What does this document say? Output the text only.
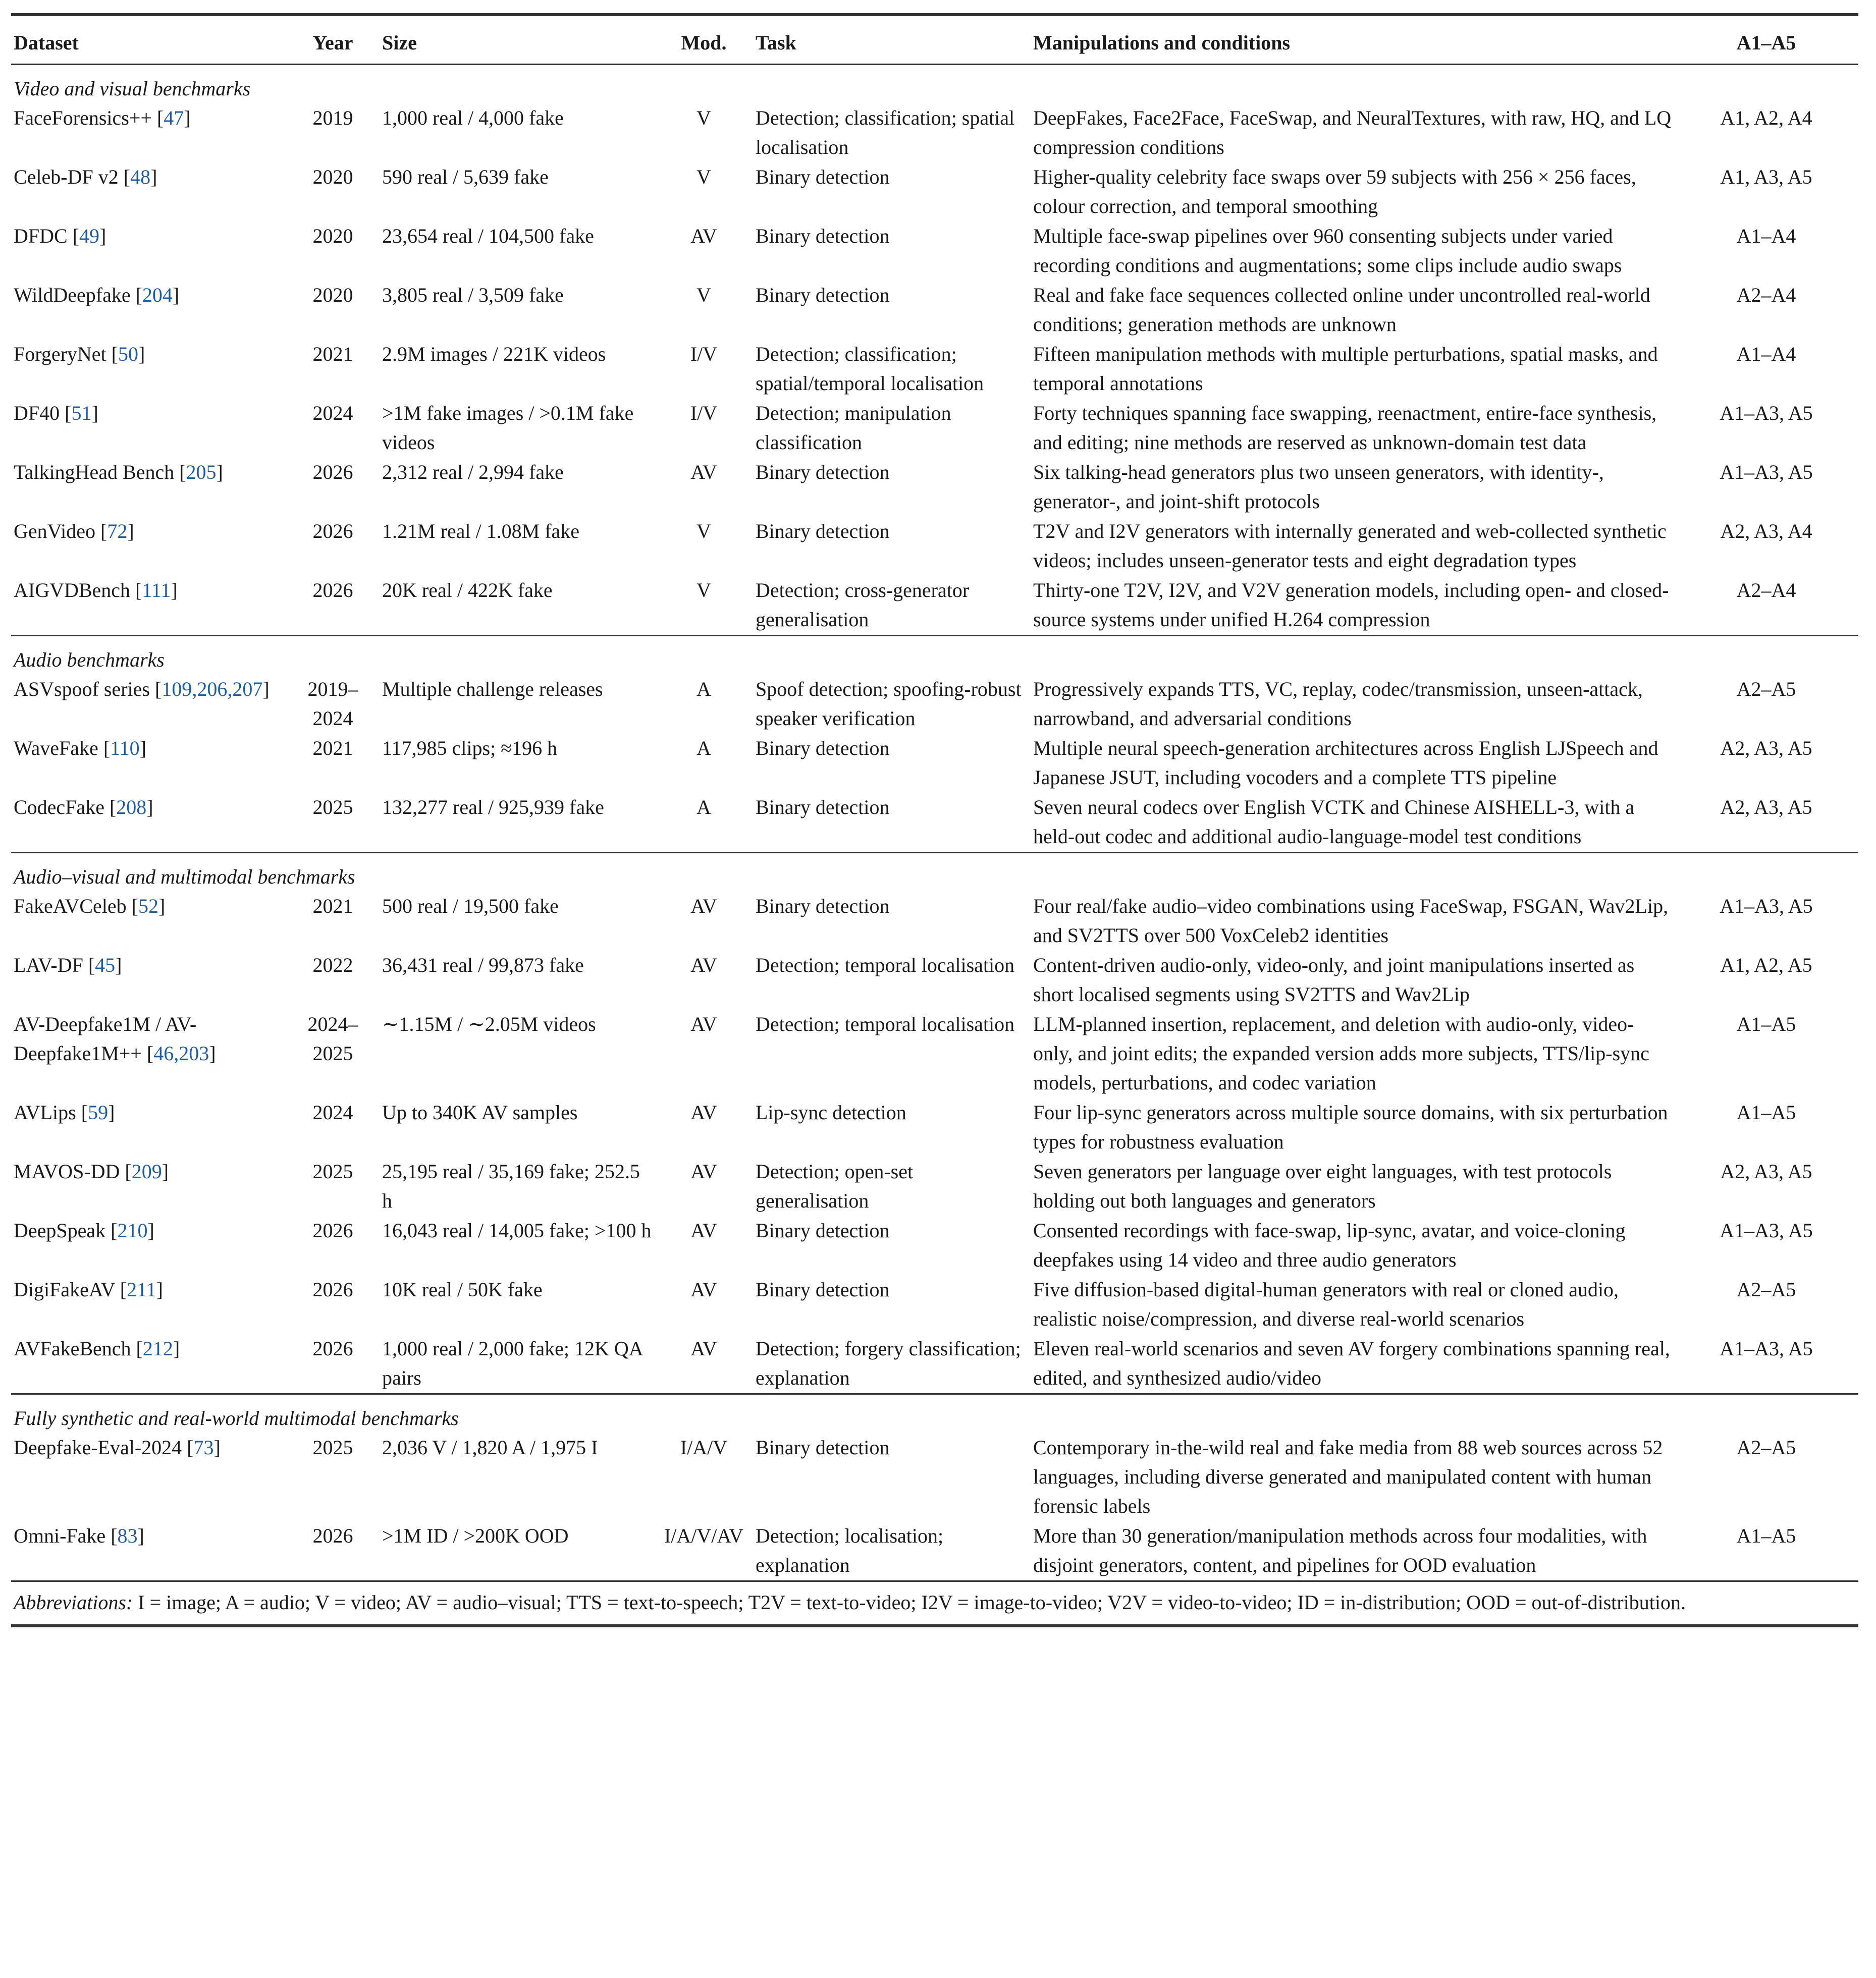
Dataset	Year	Size	Mod.	Task	Manipulations and conditions	A1–A5
Video and visual benchmarks						
FaceForensics++ [47]	2019	1,000 real / 4,000 fake	V	Detection; classification; spatial localisation	DeepFakes, Face2Face, FaceSwap, and NeuralTextures, with raw, HQ, and LQ compression conditions	A1, A2, A4
Celeb-DF v2 [48]	2020	590 real / 5,639 fake	V	Binary detection	Higher-quality celebrity face swaps over 59 subjects with 256 × 256 faces, colour correction, and temporal smoothing	A1, A3, A5
DFDC [49]	2020	23,654 real / 104,500 fake	AV	Binary detection	Multiple face-swap pipelines over 960 consenting subjects under varied recording conditions and augmentations; some clips include audio swaps	A1–A4
WildDeepfake [204]	2020	3,805 real / 3,509 fake	V	Binary detection	Real and fake face sequences collected online under uncontrolled real-world conditions; generation methods are unknown	A2–A4
ForgeryNet [50]	2021	2.9M images / 221K videos	I/V	Detection; classification; spatial/temporal localisation	Fifteen manipulation methods with multiple perturbations, spatial masks, and temporal annotations	A1–A4
DF40 [51]	2024	>1M fake images / >0.1M fake videos	I/V	Detection; manipulation classification	Forty techniques spanning face swapping, reenactment, entire-face synthesis, and editing; nine methods are reserved as unknown-domain test data	A1–A3, A5
TalkingHead Bench [205]	2026	2,312 real / 2,994 fake	AV	Binary detection	Six talking-head generators plus two unseen generators, with identity-, generator-, and joint-shift protocols	A1–A3, A5
GenVideo [72]	2026	1.21M real / 1.08M fake	V	Binary detection	T2V and I2V generators with internally generated and web-collected synthetic videos; includes unseen-generator tests and eight degradation types	A2, A3, A4
AIGVDBench [111]	2026	20K real / 422K fake	V	Detection; cross-generator generalisation	Thirty-one T2V, I2V, and V2V generation models, including open- and closed-source systems under unified H.264 compression	A2–A4
Audio benchmarks						
ASVspoof series [109,206,207]	2019–2024	Multiple challenge releases	A	Spoof detection; spoofing-robust speaker verification	Progressively expands TTS, VC, replay, codec/transmission, unseen-attack, narrowband, and adversarial conditions	A2–A5
WaveFake [110]	2021	117,985 clips; ≈196 h	A	Binary detection	Multiple neural speech-generation architectures across English LJSpeech and Japanese JSUT, including vocoders and a complete TTS pipeline	A2, A3, A5
CodecFake [208]	2025	132,277 real / 925,939 fake	A	Binary detection	Seven neural codecs over English VCTK and Chinese AISHELL-3, with a held-out codec and additional audio-language-model test conditions	A2, A3, A5
Audio–visual and multimodal benchmarks						
FakeAVCeleb [52]	2021	500 real / 19,500 fake	AV	Binary detection	Four real/fake audio–video combinations using FaceSwap, FSGAN, Wav2Lip, and SV2TTS over 500 VoxCeleb2 identities	A1–A3, A5
LAV-DF [45]	2022	36,431 real / 99,873 fake	AV	Detection; temporal localisation	Content-driven audio-only, video-only, and joint manipulations inserted as short localised segments using SV2TTS and Wav2Lip	A1, A2, A5
AV-Deepfake1M / AV-Deepfake1M++ [46,203]	2024–2025	∼1.15M / ∼2.05M videos	AV	Detection; temporal localisation	LLM-planned insertion, replacement, and deletion with audio-only, video-only, and joint edits; the expanded version adds more subjects, TTS/lip-sync models, perturbations, and codec variation	A1–A5
AVLips [59]	2024	Up to 340K AV samples	AV	Lip-sync detection	Four lip-sync generators across multiple source domains, with six perturbation types for robustness evaluation	A1–A5
MAVOS-DD [209]	2025	25,195 real / 35,169 fake; 252.5 h	AV	Detection; open-set generalisation	Seven generators per language over eight languages, with test protocols holding out both languages and generators	A2, A3, A5
DeepSpeak [210]	2026	16,043 real / 14,005 fake; >100 h	AV	Binary detection	Consented recordings with face-swap, lip-sync, avatar, and voice-cloning deepfakes using 14 video and three audio generators	A1–A3, A5
DigiFakeAV [211]	2026	10K real / 50K fake	AV	Binary detection	Five diffusion-based digital-human generators with real or cloned audio, realistic noise/compression, and diverse real-world scenarios	A2–A5
AVFakeBench [212]	2026	1,000 real / 2,000 fake; 12K QA pairs	AV	Detection; forgery classification; explanation	Eleven real-world scenarios and seven AV forgery combinations spanning real, edited, and synthesized audio/video	A1–A3, A5
Fully synthetic and real-world multimodal benchmarks						
Deepfake-Eval-2024 [73]	2025	2,036 V / 1,820 A / 1,975 I	I/A/V	Binary detection	Contemporary in-the-wild real and fake media from 88 web sources across 52 languages, including diverse generated and manipulated content with human forensic labels	A2–A5
Omni-Fake [83]	2026	>1M ID / >200K OOD	I/A/V/AV	Detection; localisation; explanation	More than 30 generation/manipulation methods across four modalities, with disjoint generators, content, and pipelines for OOD evaluation	A1–A5
Abbreviations: I = image; A = audio; V = video; AV = audio–visual; TTS = text-to-speech; T2V = text-to-video; I2V = image-to-video; V2V = video-to-video; ID = in-distribution; OOD = out-of-distribution.						
